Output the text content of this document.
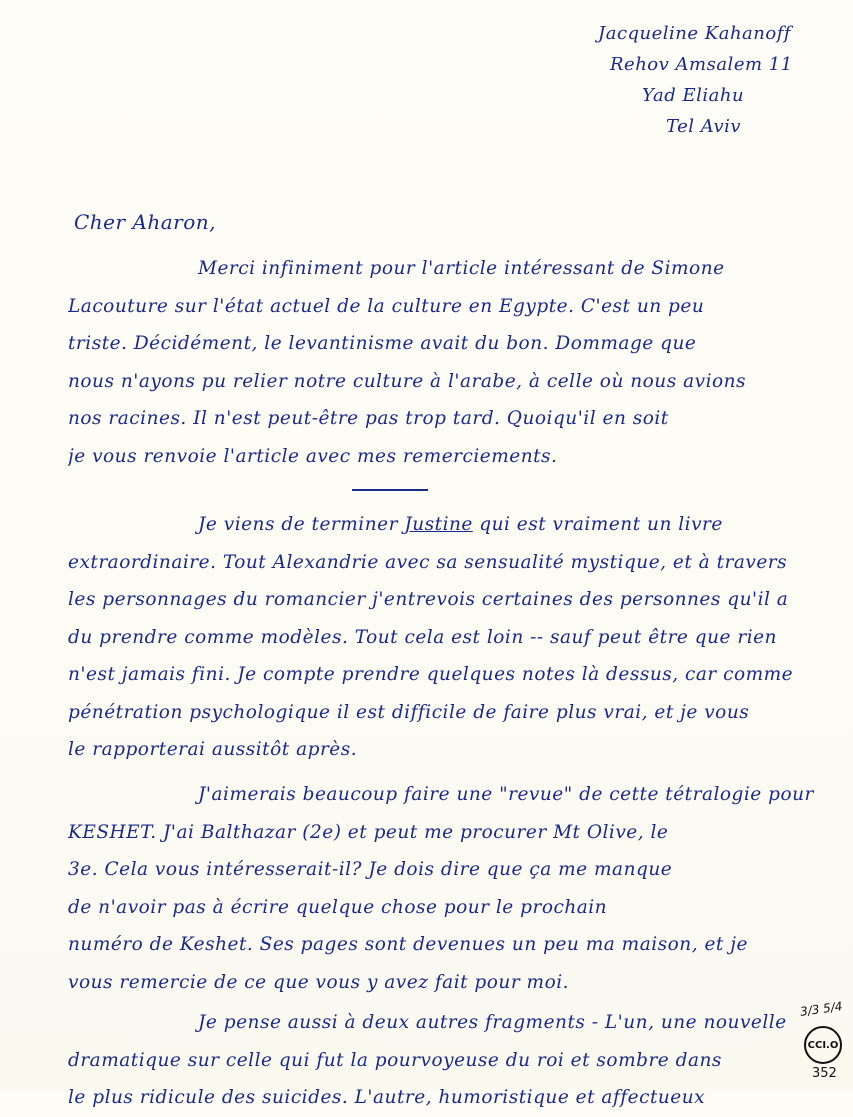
Jacqueline Kahanoff
Rehov Amsalem 11
Yad Eliahu
Tel Aviv
Cher Aharon,
Merci infiniment pour l'article intéressant de Simone
Lacouture sur l'état actuel de la culture en Egypte. C'est un peu
triste. Décidément, le levantinisme avait du bon. Dommage que
nous n'ayons pu relier notre culture à l'arabe, à celle où nous avions
nos racines. Il n'est peut-être pas trop tard. Quoiqu'il en soit
je vous renvoie l'article avec mes remerciements.
Je viens de terminer Justine qui est vraiment un livre
extraordinaire. Tout Alexandrie avec sa sensualité mystique, et à travers
les personnages du romancier j'entrevois certaines des personnes qu'il a
du prendre comme modèles. Tout cela est loin -- sauf peut être que rien
n'est jamais fini. Je compte prendre quelques notes là dessus, car comme
pénétration psychologique il est difficile de faire plus vrai, et je vous
le rapporterai aussitôt après.
J'aimerais beaucoup faire une "revue" de cette tétralogie pour
KESHET. J'ai Balthazar (2e) et peut me procurer Mt Olive, le
3e. Cela vous intéresserait-il? Je dois dire que ça me manque
de n'avoir pas à écrire quelque chose pour le prochain
numéro de Keshet. Ses pages sont devenues un peu ma maison, et je
vous remercie de ce que vous y avez fait pour moi.
Je pense aussi à deux autres fragments - L'un, une nouvelle
dramatique sur celle qui fut la pourvoyeuse du roi et sombre dans
le plus ridicule des suicides. L'autre, humoristique et affectueux
3/3 5/4
CCI.O
352
